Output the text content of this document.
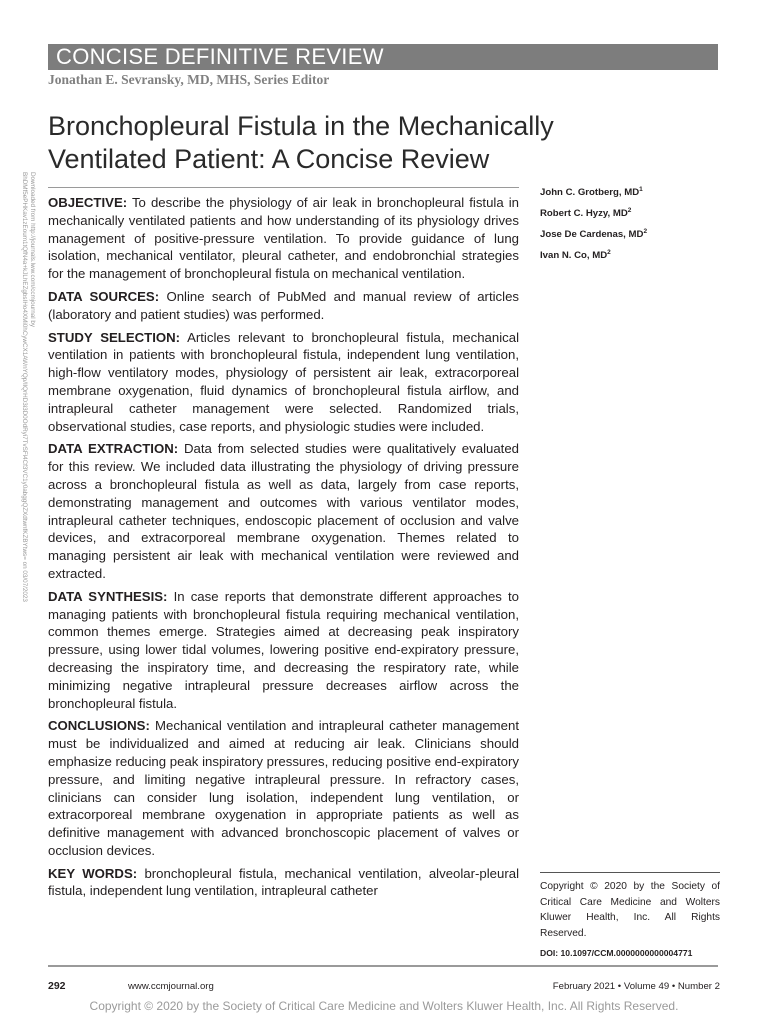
CONCISE DEFINITIVE REVIEW
Jonathan E. Sevransky, MD, MHS, Series Editor
Bronchopleural Fistula in the Mechanically
Ventilated Patient: A Concise Review
Downloaded from http://journals.lww.com/ccmjournal by BhDMf5ePHKav1zEoum1tQfN4a+kJLhEZgbsIHo4XMi0hCywCX1AWnYQp/IlQrHD3i3D0OdRyi7TvSFl4Cf3VC1y0abggQZXdtwnfKZBYtws= on 03/07/2023	OBJECTIVE: To describe the physiology of air leak in bronchopleural fistula in mechanically ventilated patients and how understanding of its physiology drives management of positive-pressure ventilation. To provide guidance of lung isolation, mechanical ventilator, pleural catheter, and endobronchial strategies for the management of bronchopleural fistula on mechanical ventilation.

DATA SOURCES: Online search of PubMed and manual review of articles (laboratory and patient studies) was performed.

STUDY SELECTION: Articles relevant to bronchopleural fistula, mechanical ventilation in patients with bronchopleural fistula, independent lung ventilation, high-flow ventilatory modes, physiology of persistent air leak, extracorporeal membrane oxygenation, fluid dynamics of bronchopleural fistula airflow, and intrapleural catheter management were selected. Randomized trials, observational studies, case reports, and physiologic studies were included.

DATA EXTRACTION: Data from selected studies were qualitatively evaluated for this review. We included data illustrating the physiology of driving pressure across a bronchopleural fistula as well as data, largely from case reports, demonstrating management and outcomes with various ventilator modes, intrapleural catheter techniques, endoscopic placement of occlusion and valve devices, and extracorporeal membrane oxygenation. Themes related to managing persistent air leak with mechanical ventilation were reviewed and extracted.

DATA SYNTHESIS: In case reports that demonstrate different approaches to managing patients with bronchopleural fistula requiring mechanical ventilation, common themes emerge. Strategies aimed at decreasing peak inspiratory pressure, using lower tidal volumes, lowering positive end-expiratory pressure, decreasing the inspiratory time, and decreasing the respiratory rate, while minimizing negative intrapleural pressure decreases airflow across the bronchopleural fistula.

CONCLUSIONS: Mechanical ventilation and intrapleural catheter management must be individualized and aimed at reducing air leak. Clinicians should emphasize reducing peak inspiratory pressures, reducing positive end-expiratory pressure, and limiting negative intrapleural pressure. In refractory cases, clinicians can consider lung isolation, independent lung ventilation, or extracorporeal membrane oxygenation in appropriate patients as well as definitive management with advanced bronchoscopic placement of valves or occlusion devices.

KEY WORDS: bronchopleural fistula, mechanical ventilation, alveolar-pleural fistula, independent lung ventilation, intrapleural catheter

John C. Grotberg, $MD^1$
Robert C. Hyzy, $MD^2$
Jose De Cardenas, $MD^2$
Ivan N. Co, $MD^2$
Copyright © 2020 by the Society of Critical Care Medicine and Wolters Kluwer Health, Inc. All Rights Reserved.
DOI: 10.1097/CCM.0000000000004771
292	www.ccmjournal.org	February 2021 • Volume 49 • Number 2
Copyright © 2020 by the Society of Critical Care Medicine and Wolters Kluwer Health, Inc. All Rights Reserved.
